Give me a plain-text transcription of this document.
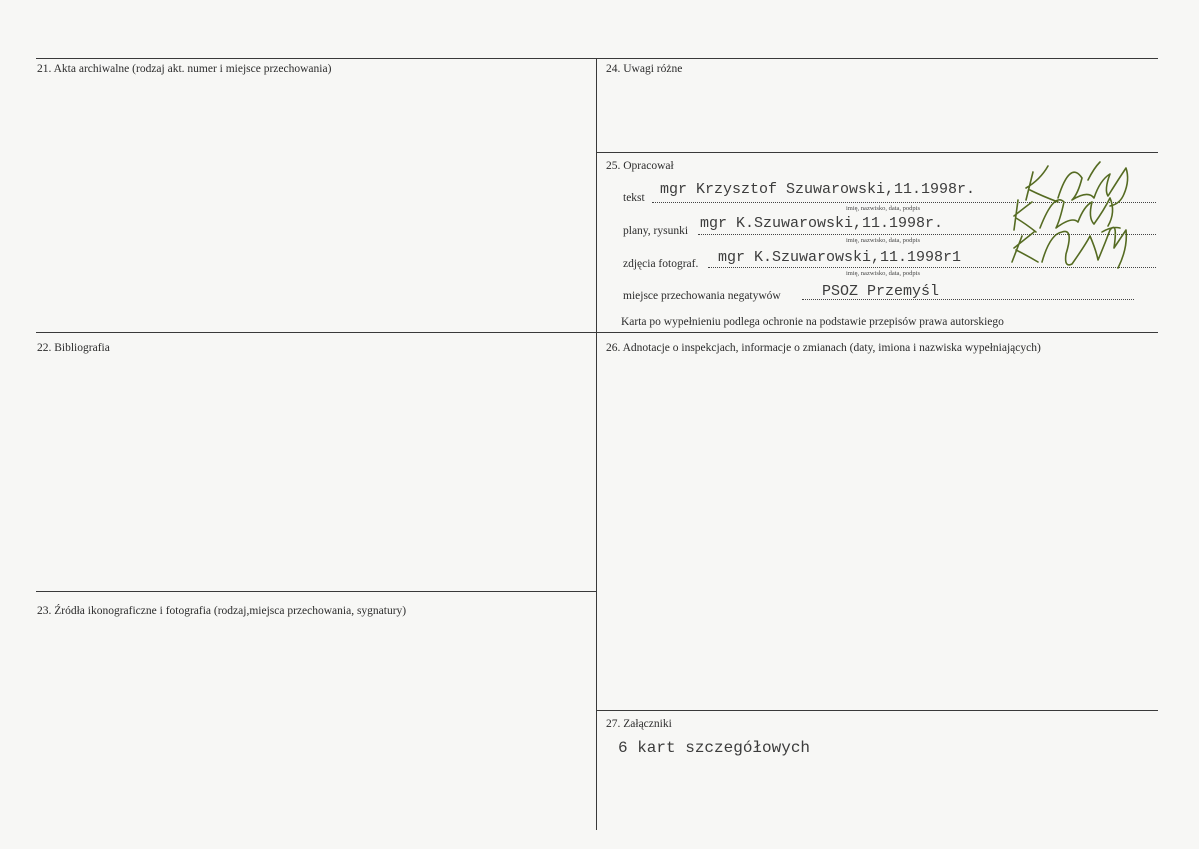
21. Akta archiwalne (rodzaj akt. numer i miejsce przechowania)
22. Bibliografia
23. Źródła ikonograficzne i fotografia (rodzaj,miejsca przechowania, sygnatury)
24. Uwagi różne
25. Opracował
tekst mgr Krzysztof Szuwarowski,11.1998r.
imię, nazwisko, data, podpis
plany, rysunki mgr K.Szuwarowski,11.1998r.
imię, nazwisko, data, podpis
zdjęcia fotograf. mgr K.Szuwarowski,11.1998r1
imię, nazwisko, data, podpis
miejsce przechowania negatywów	PSOZ Przemyśl
Karta po wypełnieniu podlega ochronie na podstawie przepisów prawa autorskiego
26. Adnotacje o inspekcjach, informacje o zmianach (daty, imiona i nazwiska wypełniających)
27. Załączniki
6 kart szczegółowych
